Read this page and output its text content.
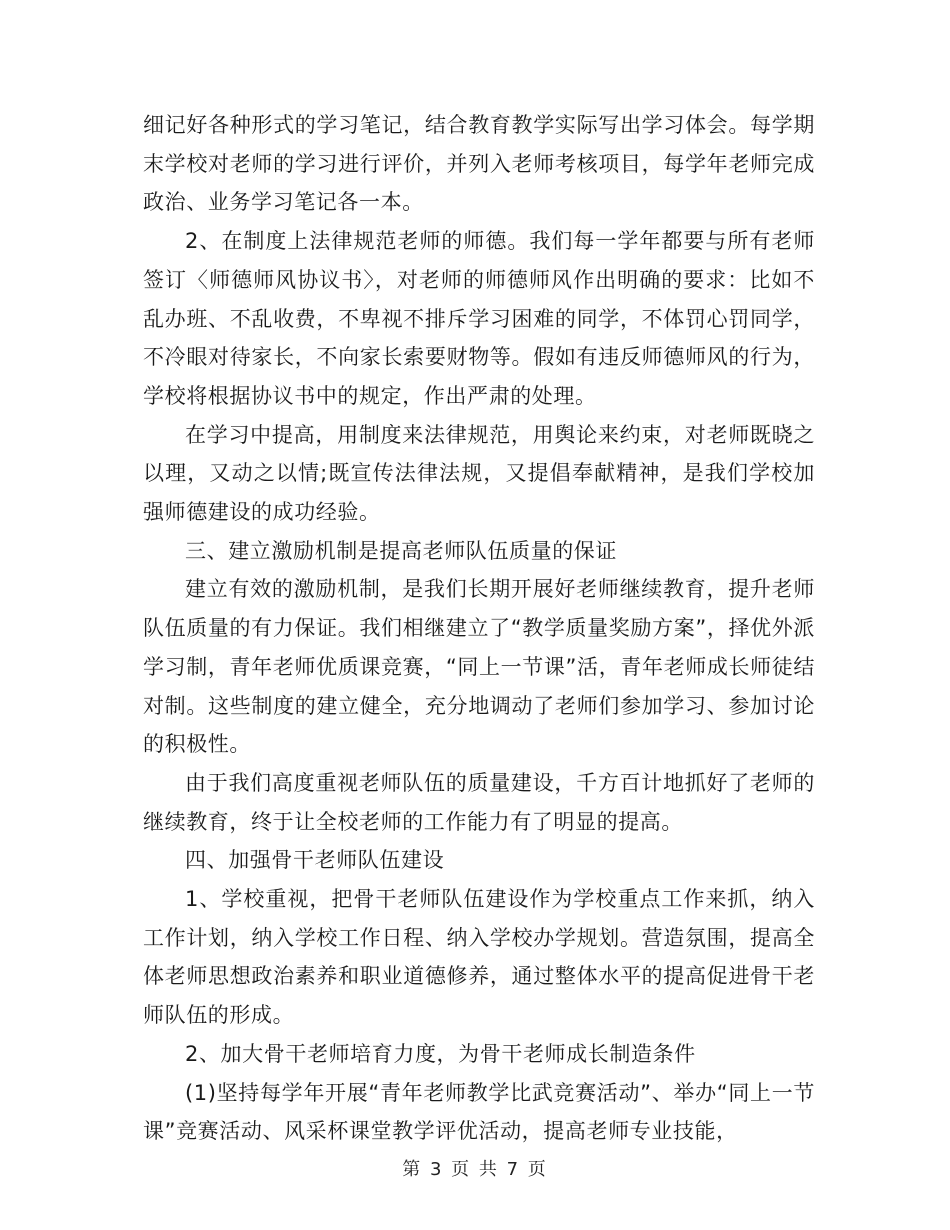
细记好各种形式的学习笔记，结合教育教学实际写出学习体会。每学期末学校对老师的学习进行评价，并列入老师考核项目，每学年老师完成政治、业务学习笔记各一本。

2、在制度上法律规范老师的师德。我们每一学年都要与所有老师签订〈师德师风协议书〉，对老师的师德师风作出明确的要求：比如不乱办班、不乱收费，不卑视不排斥学习困难的同学，不体罚心罚同学，不冷眼对待家长，不向家长索要财物等。假如有违反师德师风的行为，学校将根据协议书中的规定，作出严肃的处理。

在学习中提高，用制度来法律规范，用舆论来约束，对老师既晓之以理，又动之以情;既宣传法律法规，又提倡奉献精神，是我们学校加强师德建设的成功经验。

三、建立激励机制是提高老师队伍质量的保证

建立有效的激励机制，是我们长期开展好老师继续教育，提升老师队伍质量的有力保证。我们相继建立了“教学质量奖励方案”，择优外派学习制，青年老师优质课竞赛，“同上一节课”活，青年老师成长师徒结对制。这些制度的建立健全，充分地调动了老师们参加学习、参加讨论的积极性。

由于我们高度重视老师队伍的质量建设，千方百计地抓好了老师的继续教育，终于让全校老师的工作能力有了明显的提高。

四、加强骨干老师队伍建设

1、学校重视，把骨干老师队伍建设作为学校重点工作来抓，纳入工作计划，纳入学校工作日程、纳入学校办学规划。营造氛围，提高全体老师思想政治素养和职业道德修养，通过整体水平的提高促进骨干老师队伍的形成。

2、加大骨干老师培育力度，为骨干老师成长制造条件

(1)坚持每学年开展“青年老师教学比武竞赛活动”、举办“同上一节课”竞赛活动、风采杯课堂教学评优活动，提高老师专业技能，

第 3 页 共 7 页
